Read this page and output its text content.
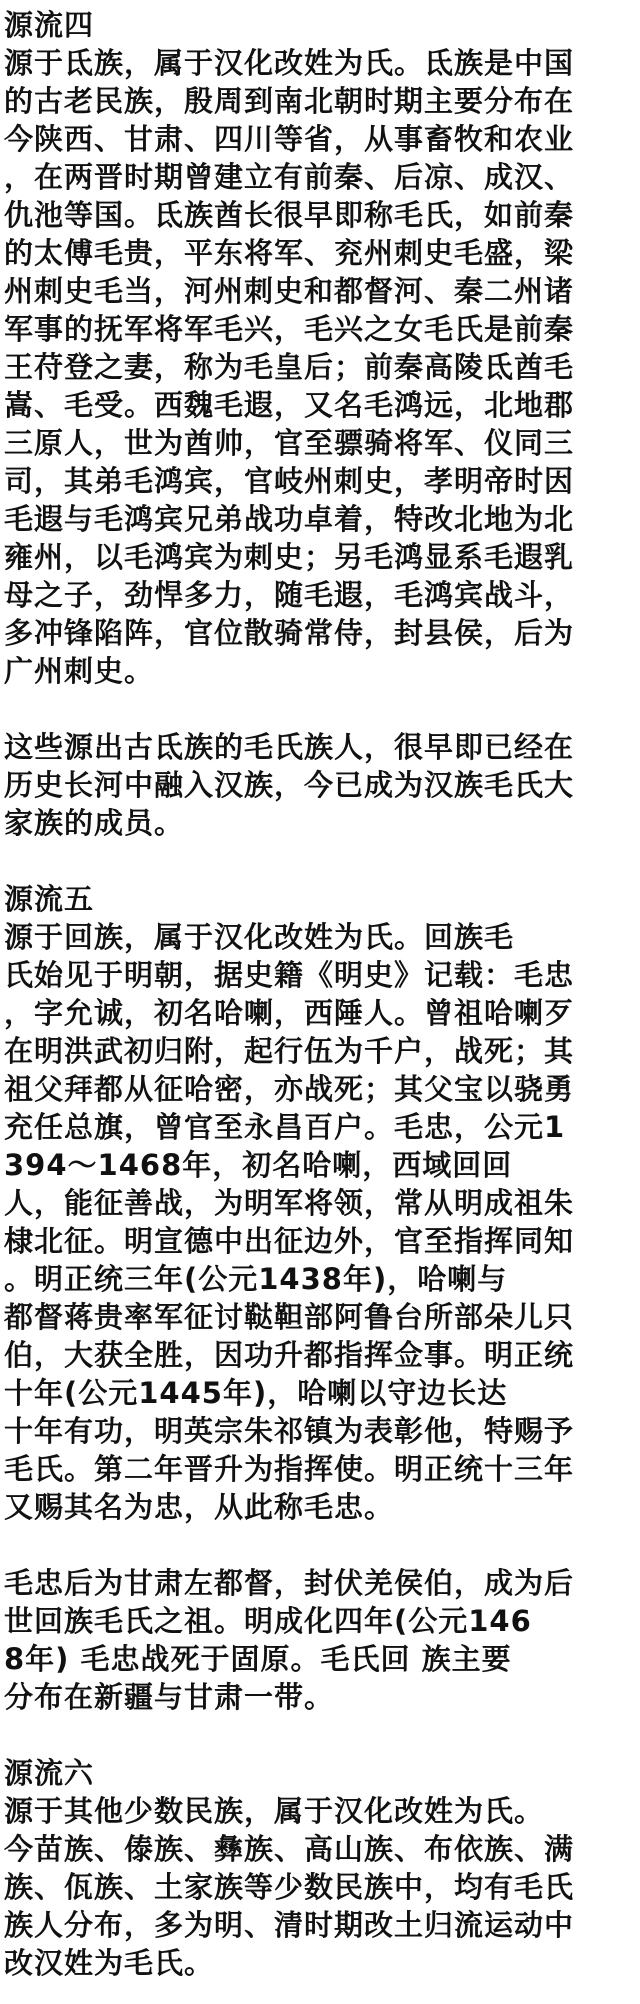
源流四
源于氐族，属于汉化改姓为氏。氐族是中国
的古老民族，殷周到南北朝时期主要分布在
今陕西、甘肃、四川等省，从事畜牧和农业
，在两晋时期曾建立有前秦、后凉、成汉、
仇池等国。氐族酋长很早即称毛氏，如前秦
的太傅毛贵，平东将军、兖州刺史毛盛，梁
州刺史毛当，河州刺史和都督河、秦二州诸
军事的抚军将军毛兴，毛兴之女毛氏是前秦
王苻登之妻，称为毛皇后；前秦高陵氐酋毛
嵩、毛受。西魏毛遐，又名毛鸿远，北地郡
三原人，世为酋帅，官至骠骑将军、仪同三
司，其弟毛鸿宾，官岐州刺史，孝明帝时因
毛遐与毛鸿宾兄弟战功卓着，特改北地为北
雍州，以毛鸿宾为刺史；另毛鸿显系毛遐乳
母之子，劲悍多力，随毛遐，毛鸿宾战斗，
多冲锋陷阵，官位散骑常侍，封县侯，后为
广州刺史。
这些源出古氐族的毛氏族人，很早即已经在
历史长河中融入汉族，今已成为汉族毛氏大
家族的成员。
源流五
源于回族，属于汉化改姓为氏。回族毛
氏始见于明朝，据史籍《明史》记载：毛忠
，字允诚，初名哈喇，西陲人。曾祖哈喇歹
在明洪武初归附，起行伍为千户，战死；其
祖父拜都从征哈密，亦战死；其父宝以骁勇
充任总旗，曾官至永昌百户。毛忠，公元1
394～1468年，初名哈喇，西域回回
人，能征善战，为明军将领，常从明成祖朱
棣北征。明宣德中出征边外，官至指挥同知
。明正统三年(公元1438年)，哈喇与
都督蒋贵率军征讨鞑靼部阿鲁台所部朵儿只
伯，大获全胜，因功升都指挥佥事。明正统
十年(公元1445年)，哈喇以守边长达
十年有功，明英宗朱祁镇为表彰他，特赐予
毛氏。第二年晋升为指挥使。明正统十三年
又赐其名为忠，从此称毛忠。
毛忠后为甘肃左都督，封伏羌侯伯，成为后
世回族毛氏之祖。明成化四年(公元146
8年) 毛忠战死于固原。毛氏回 族主要
分布在新疆与甘肃一带。
源流六
源于其他少数民族，属于汉化改姓为氏。
今苗族、傣族、彝族、高山族、布依族、满
族、佤族、土家族等少数民族中，均有毛氏
族人分布，多为明、清时期改土归流运动中
改汉姓为毛氏。
